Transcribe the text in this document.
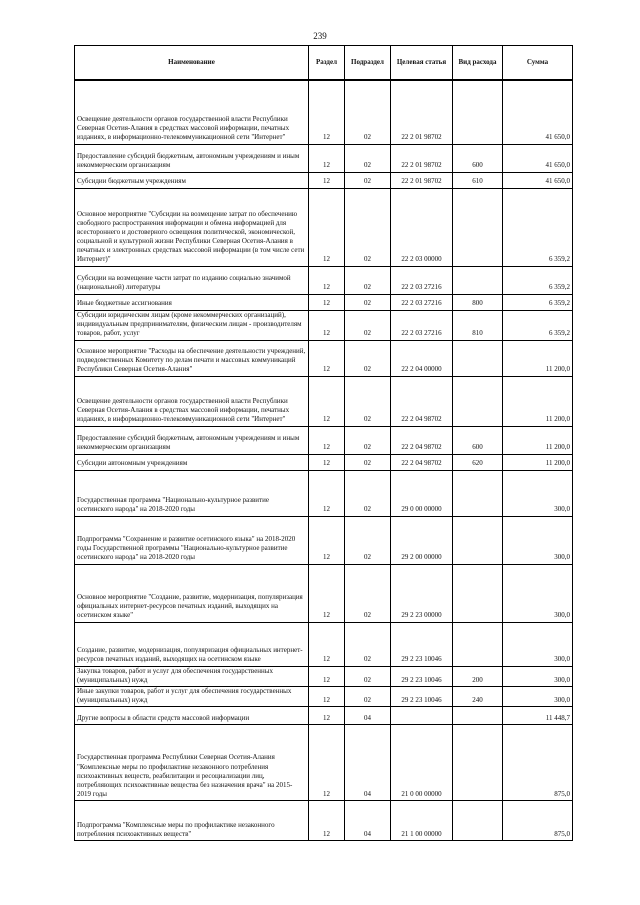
239
Наименование	Раздел	Подраздел	Целевая статья	Вид расхода	Сумма
Освещение деятельности органов государственной власти Республики Северная Осетия-Алания в средствах массовой информации, печатных изданиях, в информационно-телекоммуникационной сети "Интернет"	12	02	22 2 01 98702		41 650,0
Предоставление субсидий бюджетным, автономным учреждениям и иным некоммерческим организациям	12	02	22 2 01 98702	600	41 650,0
Субсидии бюджетным учреждениям	12	02	22 2 01 98702	610	41 650,0
Основное мероприятие "Субсидии на возмещение затрат по обеспечению свободного распространения информации и обмена информацией для всестороннего и достоверного освещения политической, экономической, социальной и культурной жизни Республики Северная Осетия-Алания в печатных и электронных средствах массовой информации (в том числе сети Интернет)"	12	02	22 2 03 00000		6 359,2
Субсидии на возмещение части затрат по изданию социально значимой (национальной) литературы	12	02	22 2 03 27216		6 359,2
Иные бюджетные ассигнования	12	02	22 2 03 27216	800	6 359,2
Субсидии юридическим лицам (кроме некоммерческих организаций), индивидуальным предпринимателям, физическим лицам - производителям товаров, работ, услуг	12	02	22 2 03 27216	810	6 359,2
Основное мероприятие "Расходы на обеспечение деятельности учреждений, подведомственных Комитету по делам печати и массовых коммуникаций Республики Северная Осетия-Алания"	12	02	22 2 04 00000		11 200,0
Освещение деятельности органов государственной власти Республики Северная Осетия-Алания в средствах массовой информации, печатных изданиях, в информационно-телекоммуникационной сети "Интернет"	12	02	22 2 04 98702		11 200,0
Предоставление субсидий бюджетным, автономным учреждениям и иным некоммерческим организациям	12	02	22 2 04 98702	600	11 200,0
Субсидии автономным учреждениям	12	02	22 2 04 98702	620	11 200,0
Государственная программа "Национально-культурное развитие осетинского народа" на 2018-2020 годы	12	02	29 0 00 00000		300,0
Подпрограмма "Сохранение и развитие осетинского языка" на 2018-2020 годы Государственной программы "Национально-культурное развитие осетинского народа" на 2018-2020 годы	12	02	29 2 00 00000		300,0
Основное мероприятие "Создание, развитие, модернизация, популяризация официальных интернет-ресурсов печатных изданий, выходящих на осетинском языке"	12	02	29 2 23 00000		300,0
Создание, развитие, модернизация, популяризация официальных интернет-ресурсов печатных изданий, выходящих на осетинском языке	12	02	29 2 23 10046		300,0
Закупка товаров, работ и услуг для обеспечения государственных (муниципальных) нужд	12	02	29 2 23 10046	200	300,0
Иные закупки товаров, работ и услуг для обеспечения государственных (муниципальных) нужд	12	02	29 2 23 10046	240	300,0
Другие вопросы в области средств массовой информации	12	04			11 448,7
Государственная программа Республики Северная Осетия-Алания "Комплексные меры по профилактике незаконного потребления психоактивных веществ, реабилитации и ресоциализации лиц, потребляющих психоактивные вещества без назначения врача" на 2015-2019 годы	12	04	21 0 00 00000		875,0
Подпрограмма "Комплексные меры по профилактике незаконного потребления психоактивных веществ"	12	04	21 1 00 00000		875,0
